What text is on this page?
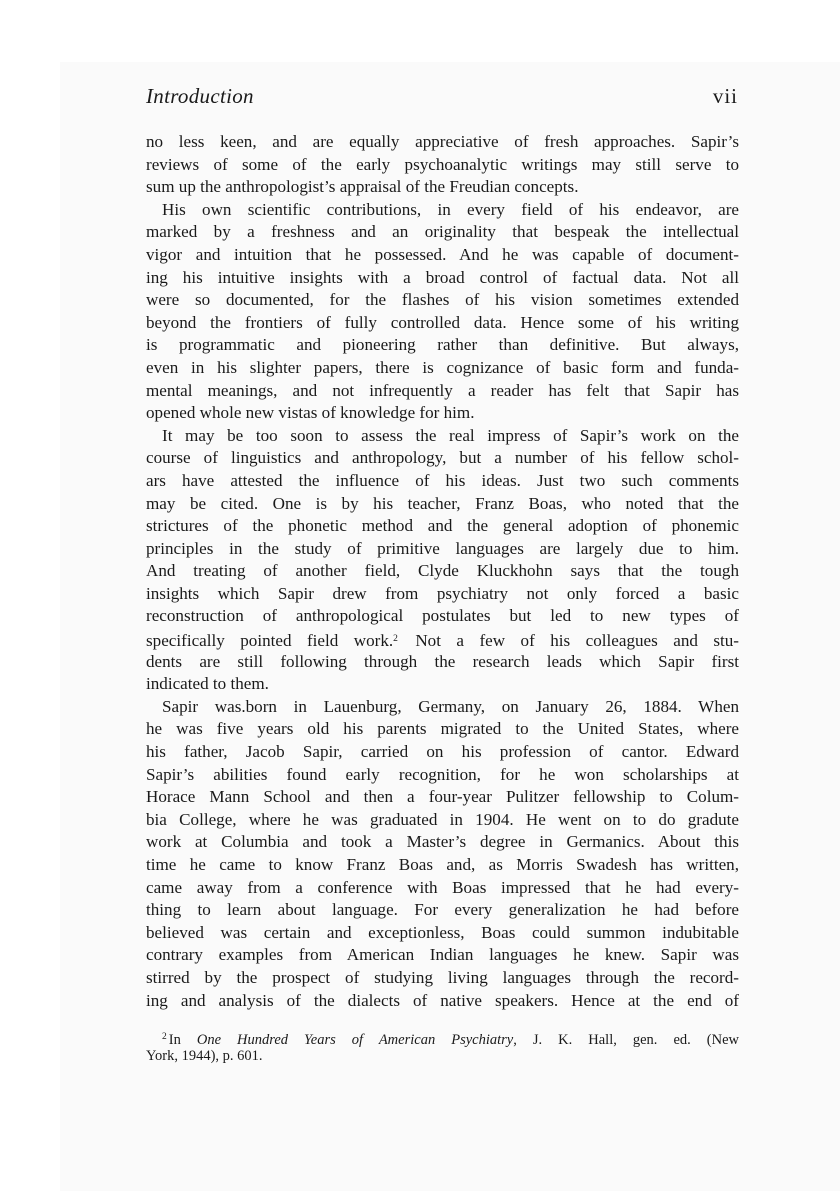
Introduction	vii
no less keen, and are equally appreciative of fresh approaches. Sapir’s
reviews of some of the early psychoanalytic writings may still serve to
sum up the anthropologist’s appraisal of the Freudian concepts.
His own scientific contributions, in every field of his endeavor, are
marked by a freshness and an originality that bespeak the intellectual
vigor and intuition that he possessed. And he was capable of document-
ing his intuitive insights with a broad control of factual data. Not all
were so documented, for the flashes of his vision sometimes extended
beyond the frontiers of fully controlled data. Hence some of his writing
is programmatic and pioneering rather than definitive. But always,
even in his slighter papers, there is cognizance of basic form and funda-
mental meanings, and not infrequently a reader has felt that Sapir has
opened whole new vistas of knowledge for him.
It may be too soon to assess the real impress of Sapir’s work on the
course of linguistics and anthropology, but a number of his fellow schol-
ars have attested the influence of his ideas. Just two such comments
may be cited. One is by his teacher, Franz Boas, who noted that the
strictures of the phonetic method and the general adoption of phonemic
principles in the study of primitive languages are largely due to him.
And treating of another field, Clyde Kluckhohn says that the tough
insights which Sapir drew from psychiatry not only forced a basic
reconstruction of anthropological postulates but led to new types of
specifically pointed field work.$^2$ Not a few of his colleagues and stu-
dents are still following through the research leads which Sapir first
indicated to them.
Sapir was.born in Lauenburg, Germany, on January 26, 1884. When
he was five years old his parents migrated to the United States, where
his father, Jacob Sapir, carried on his profession of cantor. Edward
Sapir’s abilities found early recognition, for he won scholarships at
Horace Mann School and then a four-year Pulitzer fellowship to Colum-
bia College, where he was graduated in 1904. He went on to do gradute
work at Columbia and took a Master’s degree in Germanics. About this
time he came to know Franz Boas and, as Morris Swadesh has written,
came away from a conference with Boas impressed that he had every-
thing to learn about language. For every generalization he had before
believed was certain and exceptionless, Boas could summon indubitable
contrary examples from American Indian languages he knew. Sapir was
stirred by the prospect of studying living languages through the record-
ing and analysis of the dialects of native speakers. Hence at the end of
$^2$ In One Hundred Years of American Psychiatry, J. K. Hall, gen. ed. (New
York, 1944), p. 601.
